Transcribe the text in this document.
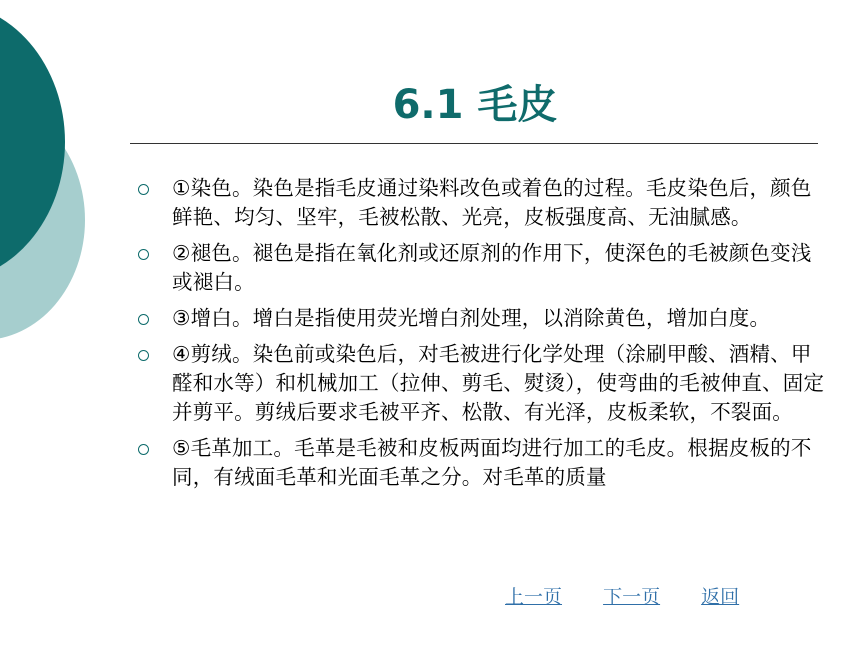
6.1 毛皮
①染色。染色是指毛皮通过染料改色或着色的过程。毛皮染色后，颜色鲜艳、均匀、坚牢，毛被松散、光亮，皮板强度高、无油腻感。
②褪色。褪色是指在氧化剂或还原剂的作用下，使深色的毛被颜色变浅或褪白。
③增白。增白是指使用荧光增白剂处理，以消除黄色，增加白度。
④剪绒。染色前或染色后，对毛被进行化学处理（涂刷甲酸、酒精、甲醛和水等）和机械加工（拉伸、剪毛、熨烫），使弯曲的毛被伸直、固定并剪平。剪绒后要求毛被平齐、松散、有光泽，皮板柔软，不裂面。
⑤毛革加工。毛革是毛被和皮板两面均进行加工的毛皮。根据皮板的不同，有绒面毛革和光面毛革之分。对毛革的质量
上一页 下一页 返回
